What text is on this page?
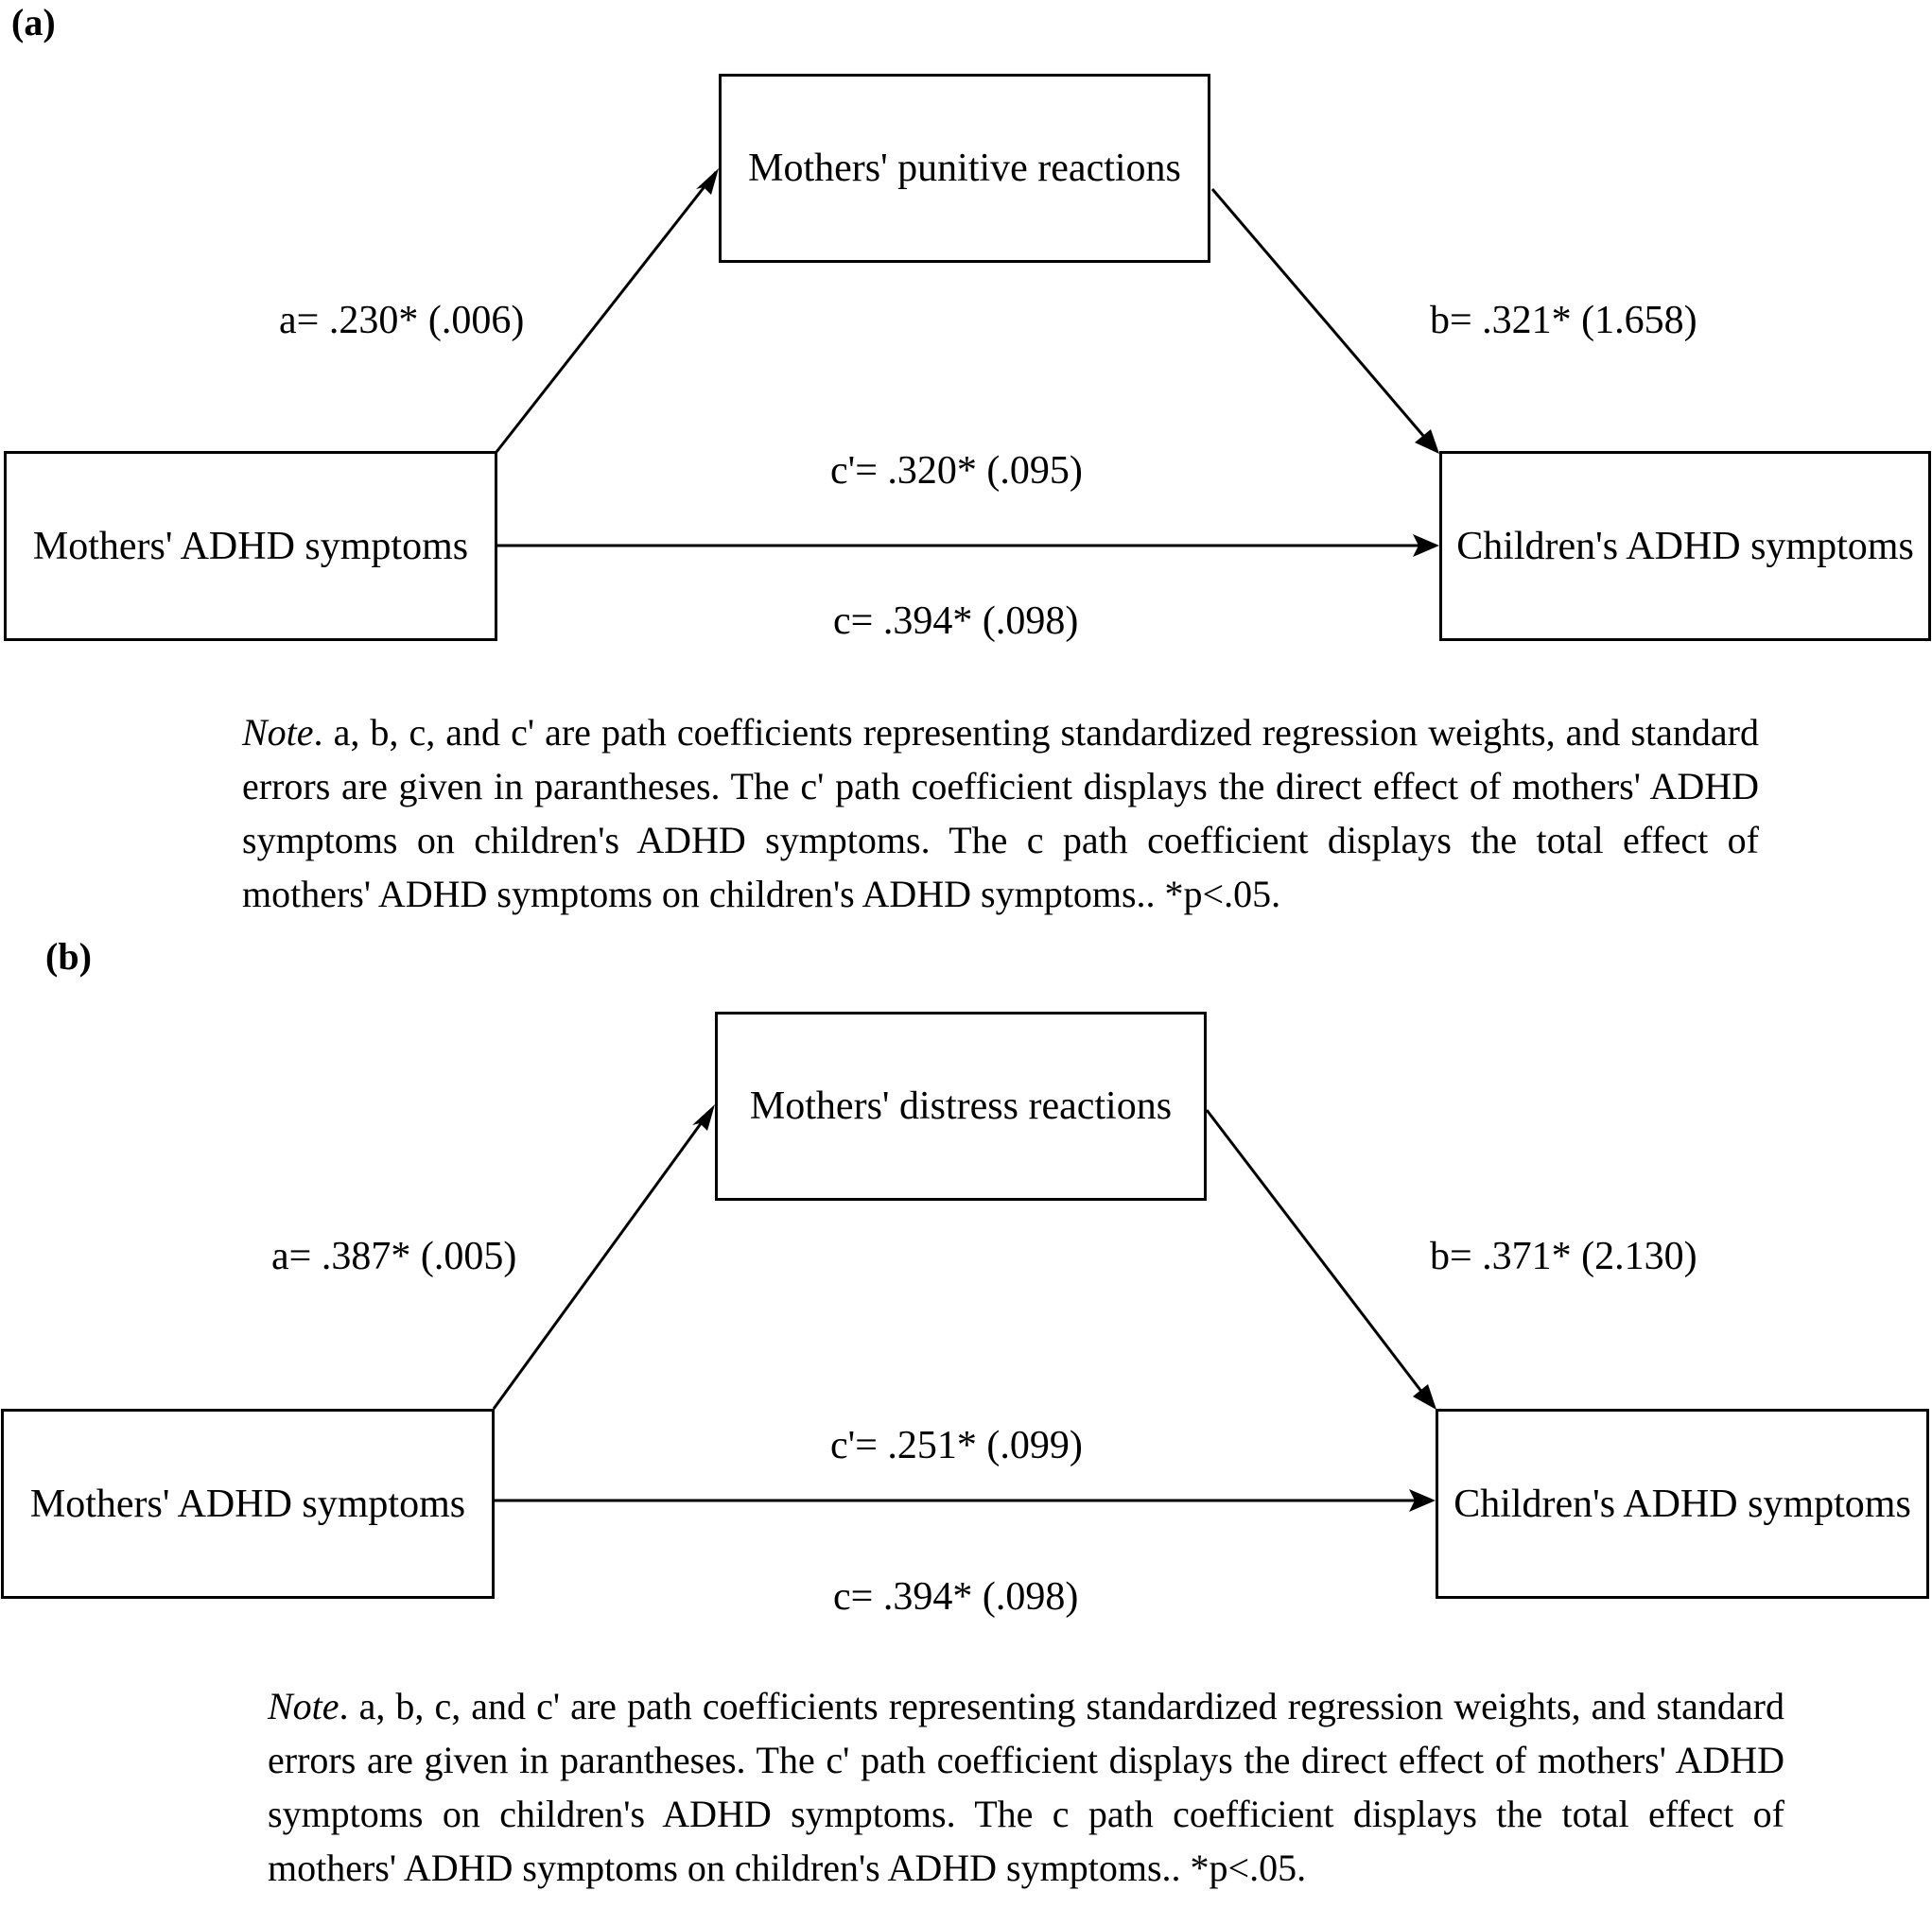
(a)
Mothers' punitive reactions
Mothers' ADHD symptoms	Children's ADHD symptoms
a= .230* (.006)	b= .321* (1.658)
c'= .320* (.095)
c= .394* (.098)
Note. a, b, c, and c' are path coefficients representing standardized regression weights, and standard errors are given in parantheses. The c' path coefficient displays the direct effect of mothers' ADHD symptoms on children's ADHD symptoms. The c path coefficient displays the total effect of mothers' ADHD symptoms on children's ADHD symptoms.. *p<.05.
(b)
Mothers' distress reactions
Mothers' ADHD symptoms	Children's ADHD symptoms
a= .387* (.005)	b= .371* (2.130)
c'= .251* (.099)
c= .394* (.098)
Note. a, b, c, and c' are path coefficients representing standardized regression weights, and standard errors are given in parantheses. The c' path coefficient displays the direct effect of mothers' ADHD symptoms on children's ADHD symptoms. The c path coefficient displays the total effect of mothers' ADHD symptoms on children's ADHD symptoms.. *p<.05.
